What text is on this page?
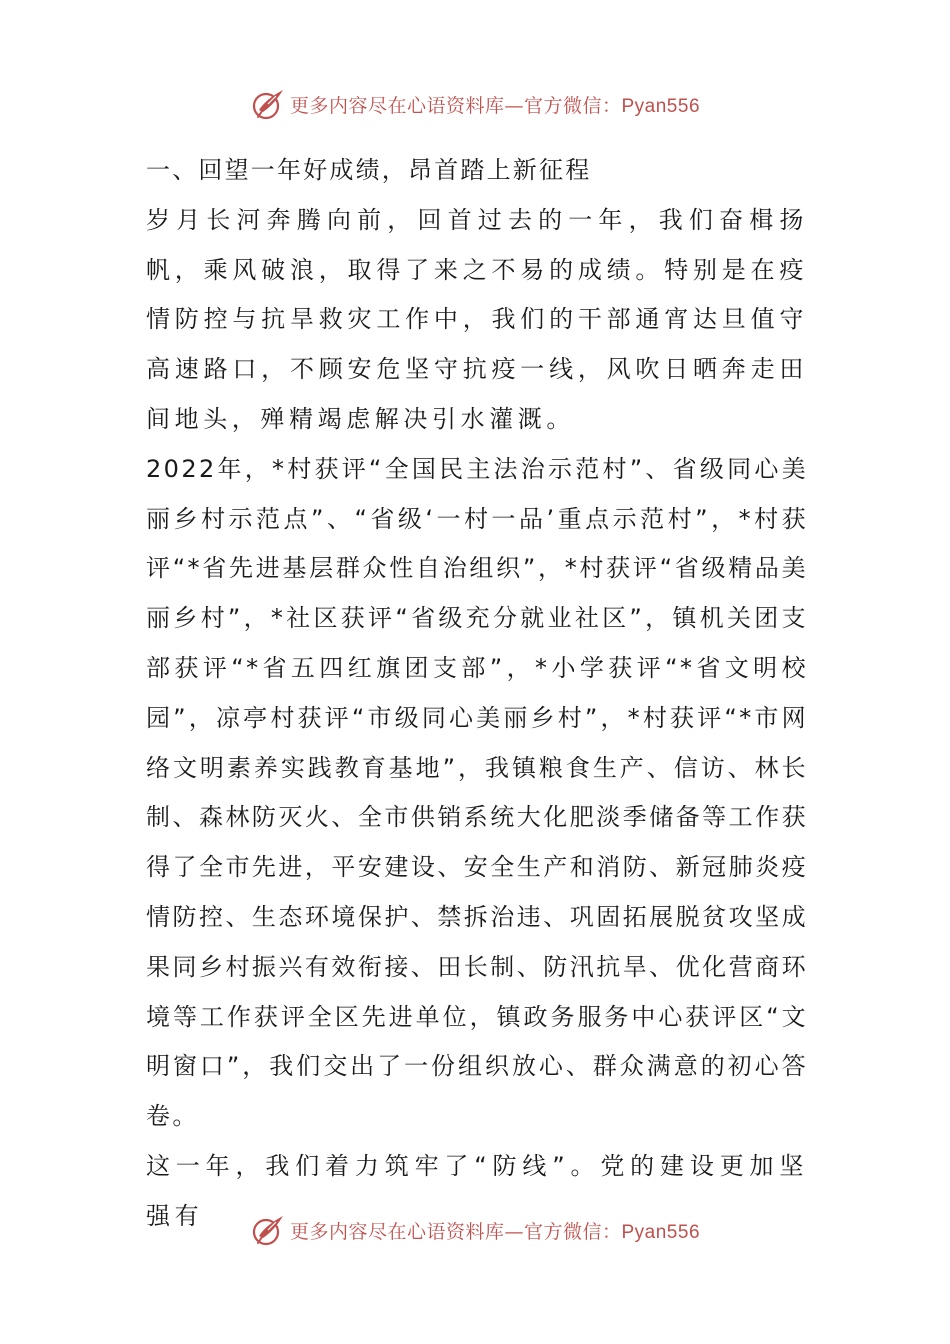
更多内容尽在心语资料库—官方微信：Pyan556

一、回望一年好成绩，昂首踏上新征程

岁月长河奔腾向前，回首过去的一年，我们奋楫扬帆，乘风破浪，取得了来之不易的成绩。特别是在疫情防控与抗旱救灾工作中，我们的干部通宵达旦值守高速路口，不顾安危坚守抗疫一线，风吹日晒奔走田间地头，殚精竭虑解决引水灌溉。

2022年，*村获评“全国民主法治示范村”、省级同心美丽乡村示范点”、“省级‘一村一品’重点示范村”，*村获评“*省先进基层群众性自治组织”，*村获评“省级精品美丽乡村”，*社区获评“省级充分就业社区”，镇机关团支部获评“*省五四红旗团支部”，*小学获评“*省文明校园”，凉亭村获评“市级同心美丽乡村”，*村获评“*市网络文明素养实践教育基地”，我镇粮食生产、信访、林长制、森林防灭火、全市供销系统大化肥淡季储备等工作获得了全市先进，平安建设、安全生产和消防、新冠肺炎疫情防控、生态环境保护、禁拆治违、巩固拓展脱贫攻坚成果同乡村振兴有效衔接、田长制、防汛抗旱、优化营商环境等工作获评全区先进单位，镇政务服务中心获评区“文明窗口”，我们交出了一份组织放心、群众满意的初心答卷。

这一年，我们着力筑牢了“防线”。党的建设更加坚强有

更多内容尽在心语资料库—官方微信：Pyan556
